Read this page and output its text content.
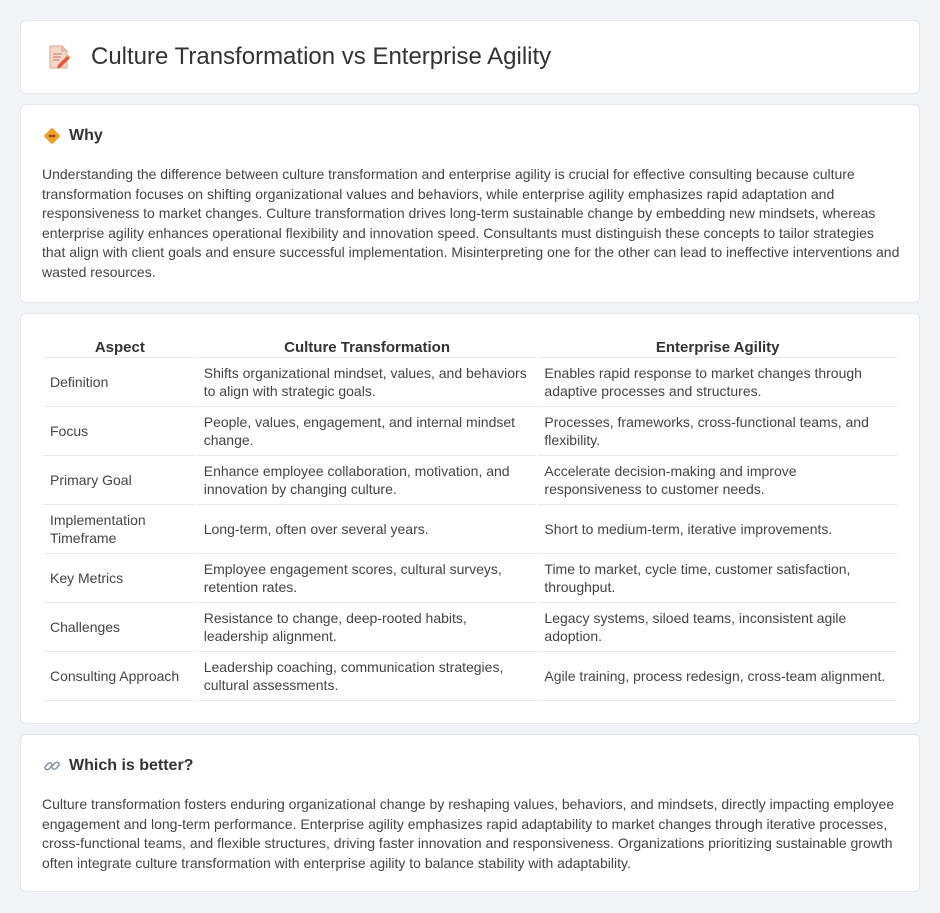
Culture Transformation vs Enterprise Agility
Why

Understanding the difference between culture transformation and enterprise agility is crucial for effective consulting because culture transformation focuses on shifting organizational values and behaviors, while enterprise agility emphasizes rapid adaptation and responsiveness to market changes. Culture transformation drives long-term sustainable change by embedding new mindsets, whereas enterprise agility enhances operational flexibility and innovation speed. Consultants must distinguish these concepts to tailor strategies that align with client goals and ensure successful implementation. Misinterpreting one for the other can lead to ineffective interventions and wasted resources.

Aspect	Culture Transformation	Enterprise Agility
Definition	Shifts organizational mindset, values, and behaviors to align with strategic goals.	Enables rapid response to market changes through adaptive processes and structures.
Focus	People, values, engagement, and internal mindset change.	Processes, frameworks, cross-functional teams, and flexibility.
Primary Goal	Enhance employee collaboration, motivation, and innovation by changing culture.	Accelerate decision-making and improve responsiveness to customer needs.
Implementation Timeframe	Long-term, often over several years.	Short to medium-term, iterative improvements.
Key Metrics	Employee engagement scores, cultural surveys, retention rates.	Time to market, cycle time, customer satisfaction, throughput.
Challenges	Resistance to change, deep-rooted habits, leadership alignment.	Legacy systems, siloed teams, inconsistent agile adoption.
Consulting Approach	Leadership coaching, communication strategies, cultural assessments.	Agile training, process redesign, cross-team alignment.
Which is better?

Culture transformation fosters enduring organizational change by reshaping values, behaviors, and mindsets, directly impacting employee engagement and long-term performance. Enterprise agility emphasizes rapid adaptability to market changes through iterative processes, cross-functional teams, and flexible structures, driving faster innovation and responsiveness. Organizations prioritizing sustainable growth often integrate culture transformation with enterprise agility to balance stability with adaptability.
